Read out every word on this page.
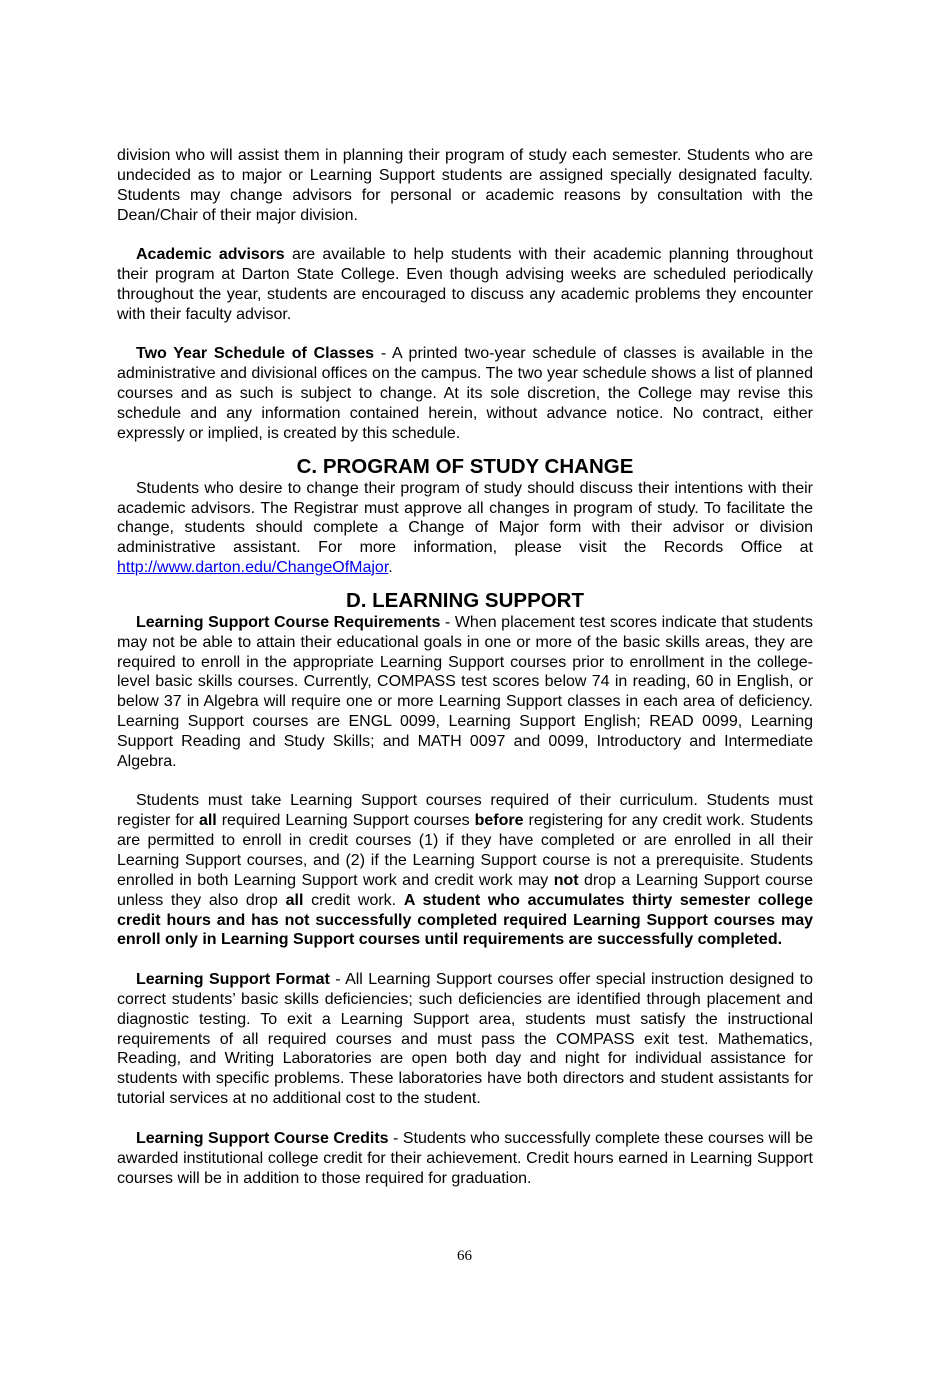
division who will assist them in planning their program of study each semester. Students who are undecided as to major or Learning Support students are assigned specially designated faculty. Students may change advisors for personal or academic reasons by consultation with the Dean/Chair of their major division.

Academic advisors are available to help students with their academic planning throughout their program at Darton State College. Even though advising weeks are scheduled periodically throughout the year, students are encouraged to discuss any academic problems they encounter with their faculty advisor.

Two Year Schedule of Classes - A printed two-year schedule of classes is available in the administrative and divisional offices on the campus. The two year schedule shows a list of planned courses and as such is subject to change. At its sole discretion, the College may revise this schedule and any information contained herein, without advance notice. No contract, either expressly or implied, is created by this schedule.

C. PROGRAM OF STUDY CHANGE

Students who desire to change their program of study should discuss their intentions with their academic advisors. The Registrar must approve all changes in program of study. To facilitate the change, students should complete a Change of Major form with their advisor or division administrative assistant. For more information, please visit the Records Office at http://www.darton.edu/ChangeOfMajor.

D. LEARNING SUPPORT

Learning Support Course Requirements - When placement test scores indicate that students may not be able to attain their educational goals in one or more of the basic skills areas, they are required to enroll in the appropriate Learning Support courses prior to enrollment in the college-level basic skills courses. Currently, COMPASS test scores below 74 in reading, 60 in English, or below 37 in Algebra will require one or more Learning Support classes in each area of deficiency. Learning Support courses are ENGL 0099, Learning Support English; READ 0099, Learning Support Reading and Study Skills; and MATH 0097 and 0099, Introductory and Intermediate Algebra.

Students must take Learning Support courses required of their curriculum. Students must register for all required Learning Support courses before registering for any credit work. Students are permitted to enroll in credit courses (1) if they have completed or are enrolled in all their Learning Support courses, and (2) if the Learning Support course is not a prerequisite. Students enrolled in both Learning Support work and credit work may not drop a Learning Support course unless they also drop all credit work. A student who accumulates thirty semester college credit hours and has not successfully completed required Learning Support courses may enroll only in Learning Support courses until requirements are successfully completed.

Learning Support Format - All Learning Support courses offer special instruction designed to correct students’ basic skills deficiencies; such deficiencies are identified through placement and diagnostic testing. To exit a Learning Support area, students must satisfy the instructional requirements of all required courses and must pass the COMPASS exit test. Mathematics, Reading, and Writing Laboratories are open both day and night for individual assistance for students with specific problems. These laboratories have both directors and student assistants for tutorial services at no additional cost to the student.

Learning Support Course Credits - Students who successfully complete these courses will be awarded institutional college credit for their achievement. Credit hours earned in Learning Support courses will be in addition to those required for graduation.

66
